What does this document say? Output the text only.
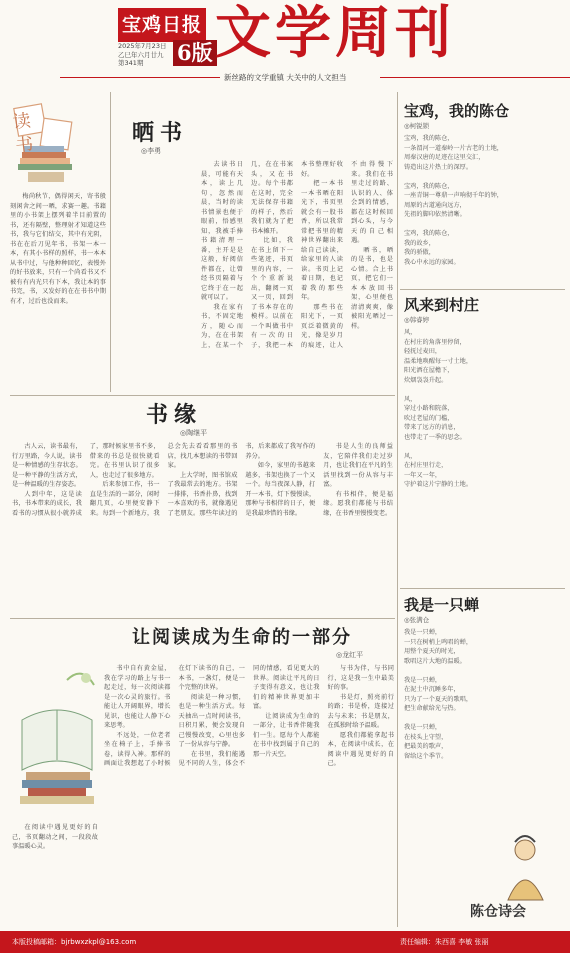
宝鸡日报
2025年7月23日
乙巳年六月廿九
第341期	6版 文学周刊
新丝路的文学重镇 大关中的人文担当
读书
梅尚秋节，偶得闲天，寄书般刻闲舍之间一晒，求赛一趣。书籍里的小书架上摆列着半目前置的书，还有隔壁，整理射才知道这些书，我与它们结交，其中有光阴，书在在后刀见年书，书架一本一本，有其小书样的照样，书一本本从书中过，与他种种回忆，表慢外的好书放来，只有一个尚看书又不被有有内光只有下本，我让本的事书完，书，又发好的在在书书中期有才，过后也没而来。
晒书
◎李勇

去读书日晨，可能有天本，读上几句，忽然而晨，当时的读书情景也便于眼前，悟感里知，我被手捧书籍清理一番，主开是是这般，好阅信件都在，让曾经书页隔着与它终于在一起就可以了。

我在家有书，不固定地方，随心而为，在在书架上，在某一个几，在在书案头，又在书边。每个书都在这时，完全无法保存书籍的样子，然后我们就为了把书本摊开。

比如，我在书上留下一些笔迹，书页里的内容，一个个重新说出，翻阅一页又一页，回到了书本存在的模样。以前在一个叫做书中有一次的日子，我把一本本书整理好收好。

把一本书一本书晒在阳光下，书页里就会有一股书香，所以我常常把书里的精神世界翻出来给自己读读，给家里的人读读。书页上记着日期，也记着我的那些年。

那些书在阳光下，一页页泛着微黄的光，像是岁月的痕迹，让人不由得慢下来。我们在书里走过的路、认识的人、体会到的情感，都在这时候回到心头，与今天的自己相遇。

晒书，晒的是书，也是心情。合上书页，把它们一本本放回书架，心里便也清清爽爽，像被阳光晒过一样。

书缘
◎陶继平

古人云，读书最有，行万里路，今人说，读书是一种情感的生存状态。是一种平静的生活方式，是一种温暖的生存姿态。

人到中年，这是读书，书本带来的成长，我看书的习惯从很小就养成了，那时候家里书不多，借来的书总是很快就看完。在书里认识了很多人，也走过了很多地方。

后来参加工作，书一直是生活的一部分，闲时翻几页，心里便安静下来。每到一个新地方，我总会先去看看那里的书店，找几本想读的书带回家。

上大学时，图书馆成了我最常去的地方。书架一排排，书香扑鼻，找到一本喜欢的书，就像遇见了老朋友。那些年读过的书，后来都成了我写作的养分。

如今，家里的书越来越多，书架也换了一个又一个。每当夜深人静，打开一本书，灯下慢慢读，那种与书相伴的日子，便是我最珍惜的书缘。

书是人生的良师益友，它陪伴我们走过岁月，也让我们在平凡的生活里找到一份从容与丰富。

有书相伴，便是福缘。愿我们都能与书结缘，在书香里慢慢变老。

让阅读成为生命的一部分
◎龙红平
在阅读中遇见更好的自己，书页翻动之间，一段段故事温暖心灵。

书中自有黄金屋，我在学习的路上与书一起走过，每一次阅读都是一次心灵的旅行。书能让人开阔眼界，增长见识，也能让人静下心来思考。

不远处，一位老者坐在椅子上，手捧书卷，读得入神。那样的画面让我想起了小时候在灯下读书的自己，一本书，一盏灯，便是一个完整的世界。

阅读是一种习惯，也是一种生活方式。每天抽出一点时间读书，日积月累，便会发现自己慢慢改变，心里也多了一份从容与宁静。

在书里，我们能遇见不同的人生，体会不同的情感，看见更大的世界。阅读让平凡的日子变得有意义，也让我们的精神世界更加丰富。

让阅读成为生命的一部分，让书香伴随我们一生。愿每个人都能在书中找到属于自己的那一片天空。

与书为伴，与书同行，这是我一生中最美好的事。

书是灯，照亮前行的路；书是桥，连接过去与未来；书是朋友，在孤独时给予温暖。

愿我们都能拿起书本，在阅读中成长，在阅读中遇见更好的自己。

宝鸡，我的陈仓
◎柯锐锁
宝鸡，我的陈仓，
一条渭河一道秦岭一片古老的土地，
周秦汉唐的足迹在这里交汇，
铸造出这片热土的深厚。

宝鸡，我的陈仓，
一座青铜一尊鼎一声响彻千年的钟，
周原的古道通向远方，
先祖的脚印依然清晰。

宝鸡，我的陈仓，
我的故乡，
我的骄傲，
我心中永远的家园。
风来到村庄
◎韩睿婷
风，
在村庄的角落里停留，
轻抚过麦田，
温柔地唤醒每一寸土地，
阳光洒在屋檐下，
炊烟袅袅升起。

风，
穿过小路和院落，
吹过老屋的门槛，
带来了远方的消息，
也带走了一季的思念。

风，
在村庄里行走，
一年又一年，
守护着这片宁静的土地。
我是一只蝉
◎张满仓
我是一只蝉，
一只在树梢上鸣唱的蝉，
用整个夏天的时光，
歌唱这片大地的温暖。

我是一只蝉，
在泥土中沉睡多年，
只为了一个夏天的歌唱，
把生命献给光与热。

我是一只蝉，
在枝头上守望，
把最美的歌声，
留给这个季节。
陈仓诗会
本版投稿邮箱：bjrbwxzkpl@163.com	责任编辑：朱西喜 李敏 张丽
